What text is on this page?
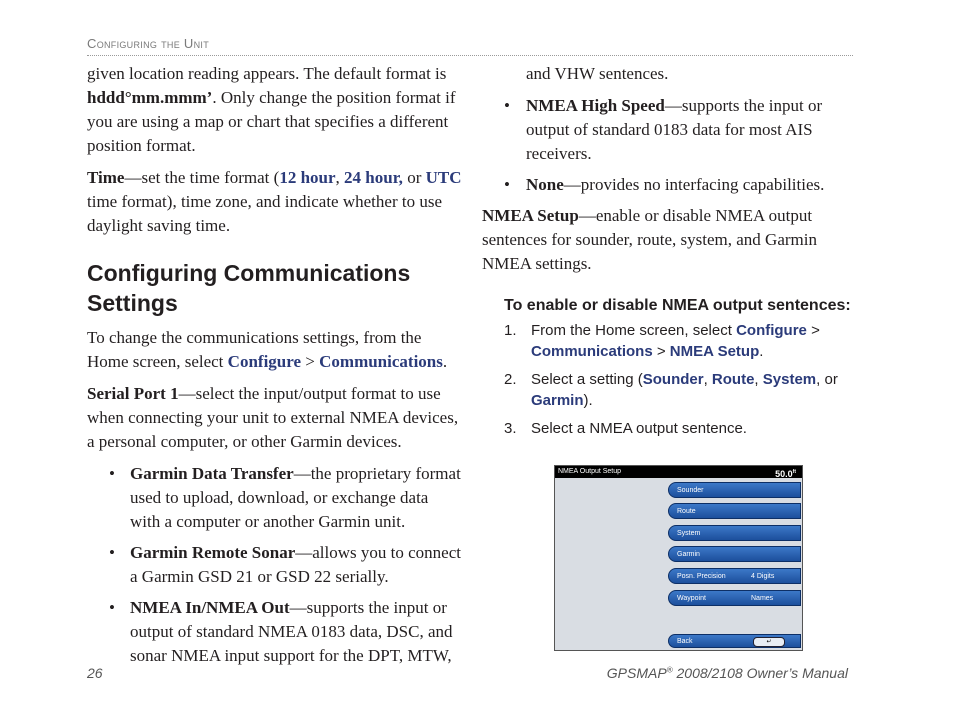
Configuring the Unit

given location reading appears. The default format is hddd°mm.mmm’. Only change the position format if you are using a map or chart that specifies a different position format.

Time—set the time format (12 hour, 24 hour, or UTC time format), time zone, and indicate whether to use daylight saving time.

Configuring Communications Settings

To change the communications settings, from the Home screen, select Configure > Communications.

Serial Port 1—select the input/output format to use when connecting your unit to external NMEA devices, a personal computer, or other Garmin devices.

• Garmin Data Transfer—the proprietary format used to upload, download, or exchange data with a computer or another Garmin unit.
• Garmin Remote Sonar—allows you to connect a Garmin GSD 21 or GSD 22 serially.
• NMEA In/NMEA Out—supports the input or output of standard NMEA 0183 data, DSC, and sonar NMEA input support for the DPT, MTW,

and VHW sentences.

• NMEA High Speed—supports the input or output of standard 0183 data for most AIS receivers.
• None—provides no interfacing capabilities.

NMEA Setup—enable or disable NMEA output sentences for sounder, route, system, and Garmin NMEA settings.

To enable or disable NMEA output sentences:
1. From the Home screen, select Configure > Communications > NMEA Setup.
2. Select a setting (Sounder, Route, System, or Garmin).
3. Select a NMEA output sentence.
NMEA Output Setup	$50.0^{ft}$
Sounder
Route
System
Garmin
Posn. Precision	4 Digits
Waypoint	Names
Back	↵
26	GPSMAP® 2008/2108 Owner’s Manual
